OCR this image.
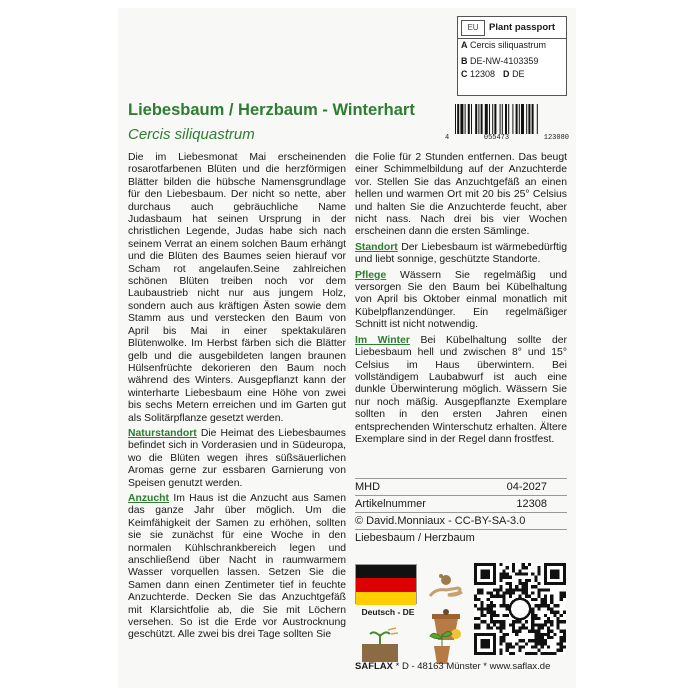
EU	Plant passport
A Cercis siliquastrum
B DE-NW-4103359
C 12308 D DE
4	055473	123080
Liebesbaum / Herzbaum - Winterhart
Cercis siliquastrum

Die im Liebesmonat Mai erscheinenden rosarotfarbenen Blüten und die herzförmigen Blätter bilden die hübsche Namensgrundlage für den Liebesbaum. Der nicht so nette, aber durchaus auch gebräuchliche Name Judasbaum hat seinen Ursprung in der christlichen Legende, Judas habe sich nach seinem Verrat an einem solchen Baum erhängt und die Blüten des Baumes seien hierauf vor Scham rot angelaufen.Seine zahlreichen schönen Blüten treiben noch vor dem Laubaustrieb nicht nur aus jungem Holz, sondern auch aus kräftigen Ästen sowie dem Stamm aus und verstecken den Baum von April bis Mai in einer spektakulären Blütenwolke. Im Herbst färben sich die Blätter gelb und die ausgebildeten langen braunen Hülsenfrüchte dekorieren den Baum noch während des Winters. Ausgepflanzt kann der winterharte Liebesbaum eine Höhe von zwei bis sechs Metern erreichen und im Garten gut als Solitärpflanze gesetzt werden.

Naturstandort Die Heimat des Liebesbaumes befindet sich in Vorderasien und in Südeuropa, wo die Blüten wegen ihres süßsäuerlichen Aromas gerne zur essbaren Garnierung von Speisen genutzt werden.

Anzucht Im Haus ist die Anzucht aus Samen das ganze Jahr über möglich. Um die Keimfähigkeit der Samen zu erhöhen, sollten sie sie zunächst für eine Woche in den normalen Kühlschrankbereich legen und anschließend über Nacht in raumwarmem Wasser vorquellen lassen. Setzen Sie die Samen dann einen Zentimeter tief in feuchte Anzuchterde. Decken Sie das Anzuchtgefäß mit Klarsichtfolie ab, die Sie mit Löchern versehen. So ist die Erde vor Austrocknung geschützt. Alle zwei bis drei Tage sollten Sie

die Folie für 2 Stunden entfernen. Das beugt einer Schimmelbildung auf der Anzuchterde vor. Stellen Sie das Anzuchtgefäß an einen hellen und warmen Ort mit 20 bis 25° Celsius und halten Sie die Anzuchterde feucht, aber nicht nass. Nach drei bis vier Wochen erscheinen dann die ersten Sämlinge.

Standort Der Liebesbaum ist wärmebedürftig und liebt sonnige, geschützte Standorte.

Pflege Wässern Sie regelmäßig und versorgen Sie den Baum bei Kübelhaltung von April bis Oktober einmal monatlich mit Kübelpflanzendünger. Ein regelmäßiger Schnitt ist nicht notwendig.

Im Winter Bei Kübelhaltung sollte der Liebesbaum hell und zwischen 8° und 15° Celsius im Haus überwintern. Bei vollständigem Laubabwurf ist auch eine dunkle Überwinterung möglich. Wässern Sie nur noch mäßig. Ausgepflanzte Exemplare sollten in den ersten Jahren einen entsprechenden Winterschutz erhalten. Ältere Exemplare sind in der Regel dann frostfest.

MHD	04-2027
Artikelnummer	12308
© David.Monniaux - CC-BY-SA-3.0
Liebesbaum / Herzbaum
Deutsch - DE
SAFLAX * D - 48163 Münster * www.saflax.de
